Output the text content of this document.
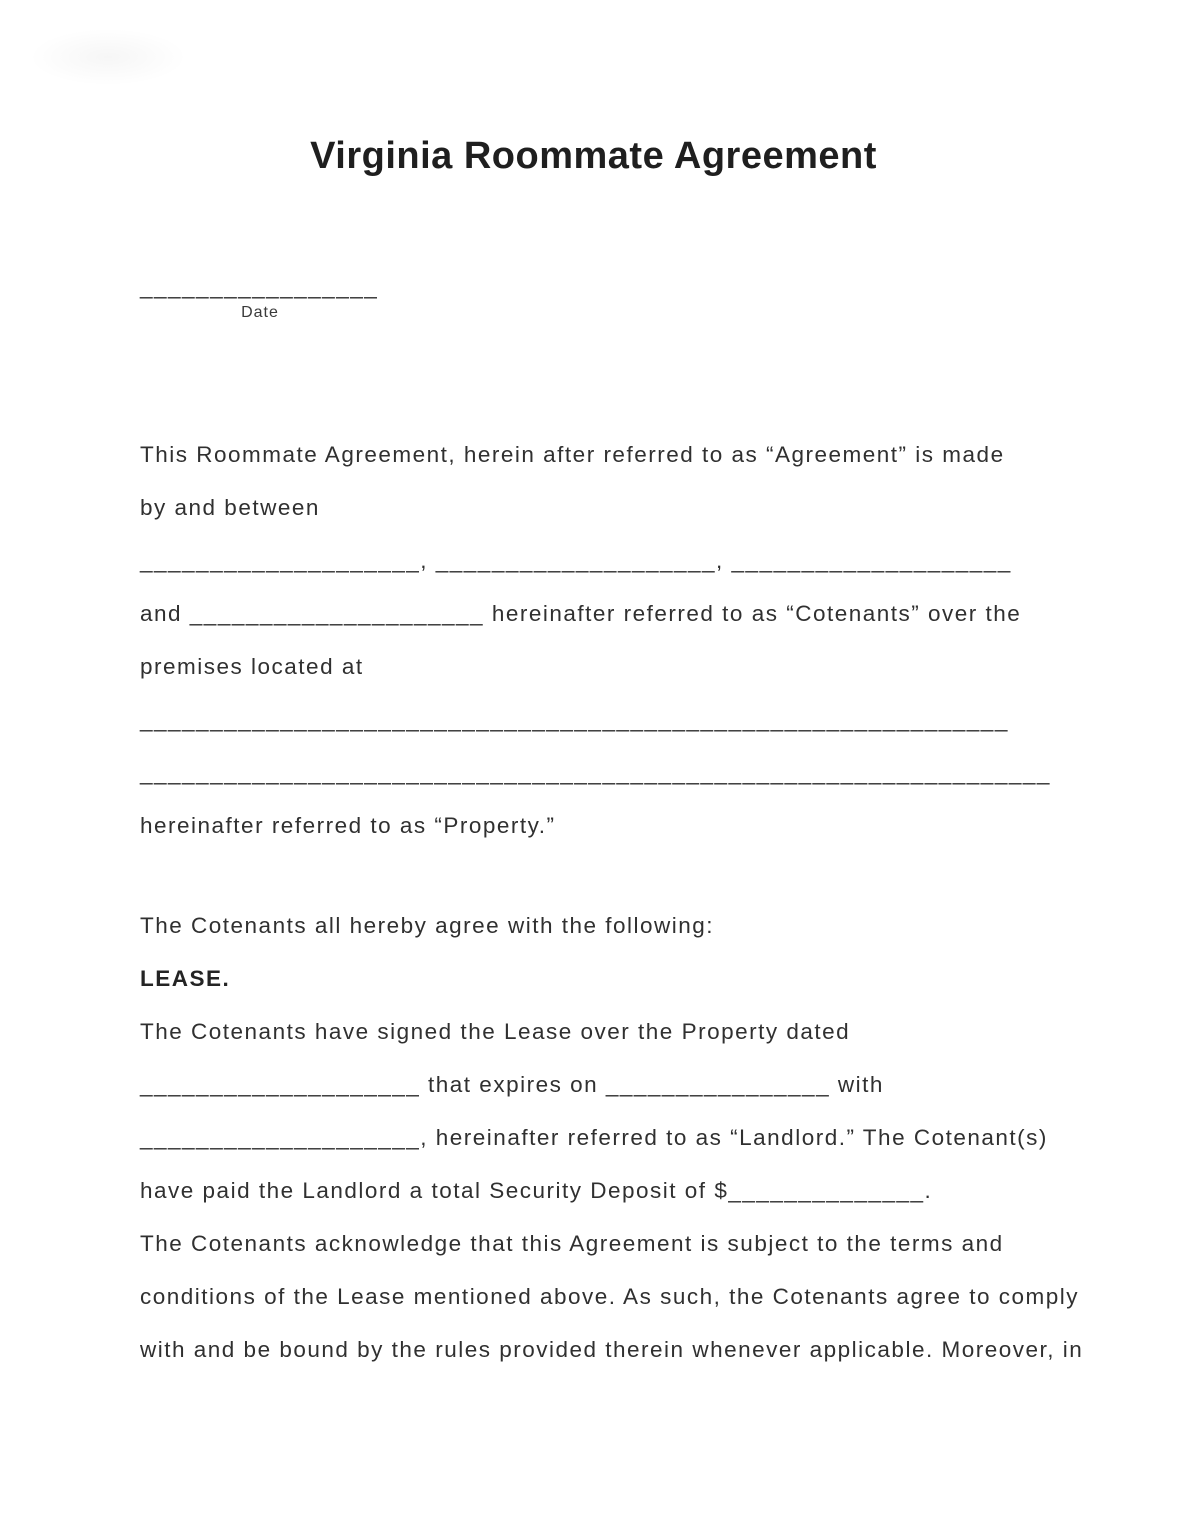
Virginia Roommate Agreement
_________________
Date
This Roommate Agreement, herein after referred to as “Agreement” is made
by and between
____________________, ____________________, ____________________
and _____________________ hereinafter referred to as “Cotenants” over the
premises located at
______________________________________________________________
_________________________________________________________________
hereinafter referred to as “Property.”
The Cotenants all hereby agree with the following:
LEASE.
The Cotenants have signed the Lease over the Property dated
____________________ that expires on ________________ with
____________________, hereinafter referred to as “Landlord.” The Cotenant(s)
have paid the Landlord a total Security Deposit of $______________.
The Cotenants acknowledge that this Agreement is subject to the terms and
conditions of the Lease mentioned above. As such, the Cotenants agree to comply
with and be bound by the rules provided therein whenever applicable. Moreover, in
